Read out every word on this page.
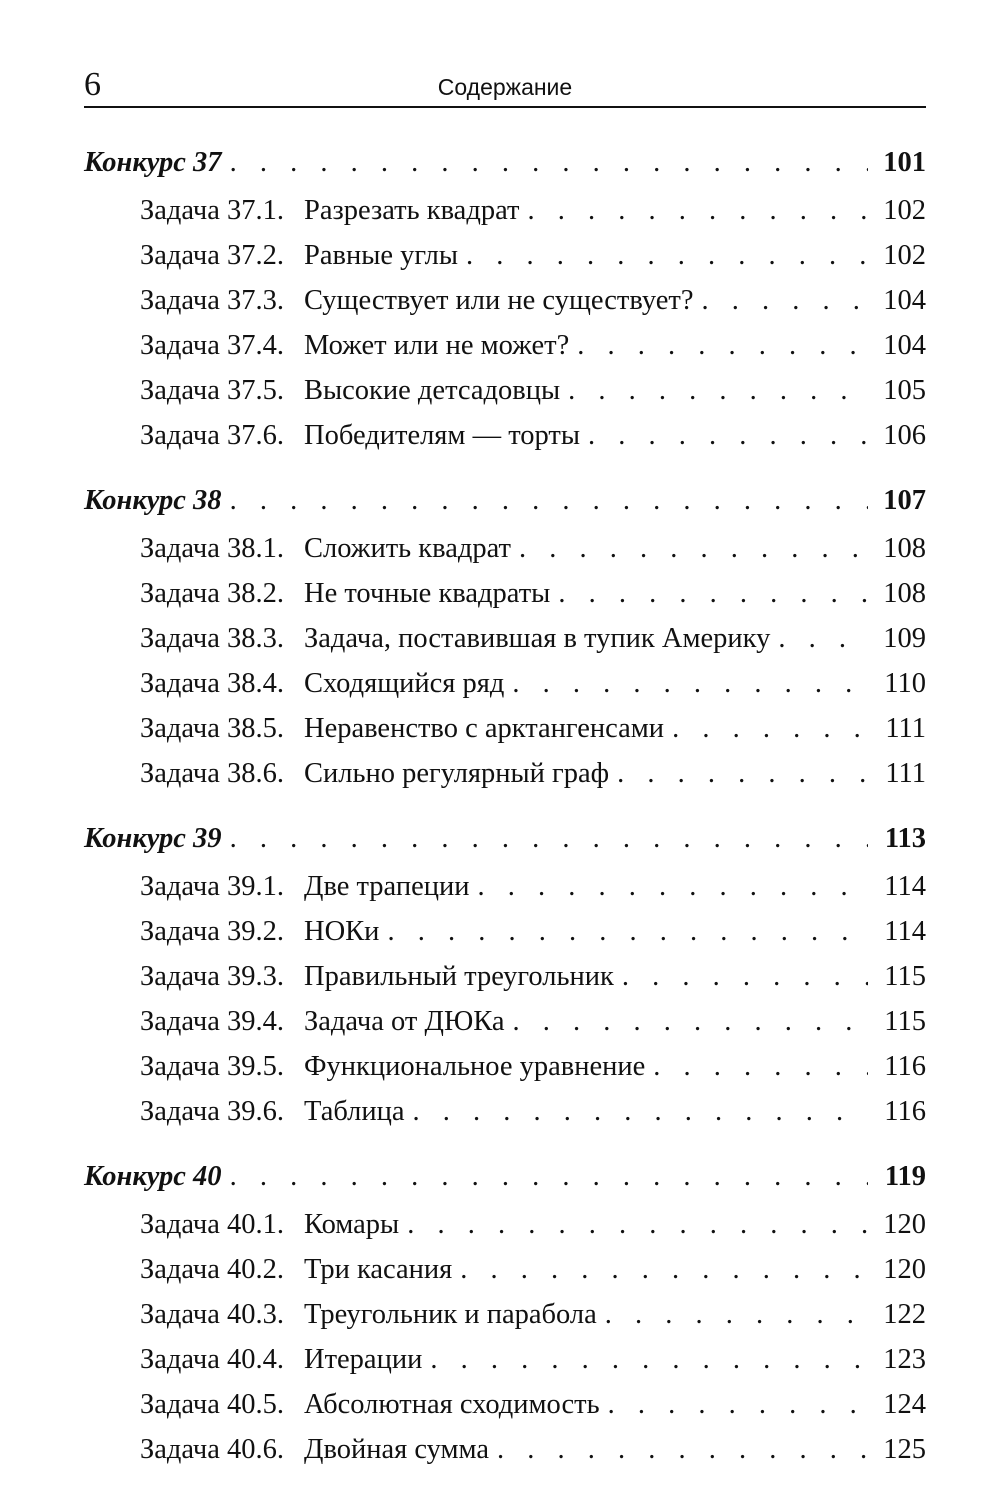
6	Содержание
Конкурс 37 . . .	101
Задача 37.1. Разрезать квадрат . . .	102
Задача 37.2. Равные углы . . .	102
Задача 37.3. Существует или не существует? . . .	104
Задача 37.4. Может или не может? . . .	104
Задача 37.5. Высокие детсадовцы . . .	105
Задача 37.6. Победителям — торты . . .	106
Конкурс 38 . . .	107
Задача 38.1. Сложить квадрат . . .	108
Задача 38.2. Не точные квадраты . . .	108
Задача 38.3. Задача, поставившая в тупик Америку . . .	109
Задача 38.4. Сходящийся ряд . . .	110
Задача 38.5. Неравенство с арктангенсами . . .	111
Задача 38.6. Сильно регулярный граф . . .	111
Конкурс 39 . . .	113
Задача 39.1. Две трапеции . . .	114
Задача 39.2. НОКи . . .	114
Задача 39.3. Правильный треугольник . . .	115
Задача 39.4. Задача от ДЮКа . . .	115
Задача 39.5. Функциональное уравнение . . .	116
Задача 39.6. Таблица . . .	116
Конкурс 40 . . .	119
Задача 40.1. Комары . . .	120
Задача 40.2. Три касания . . .	120
Задача 40.3. Треугольник и парабола . . .	122
Задача 40.4. Итерации . . .	123
Задача 40.5. Абсолютная сходимость . . .	124
Задача 40.6. Двойная сумма . . .	125
